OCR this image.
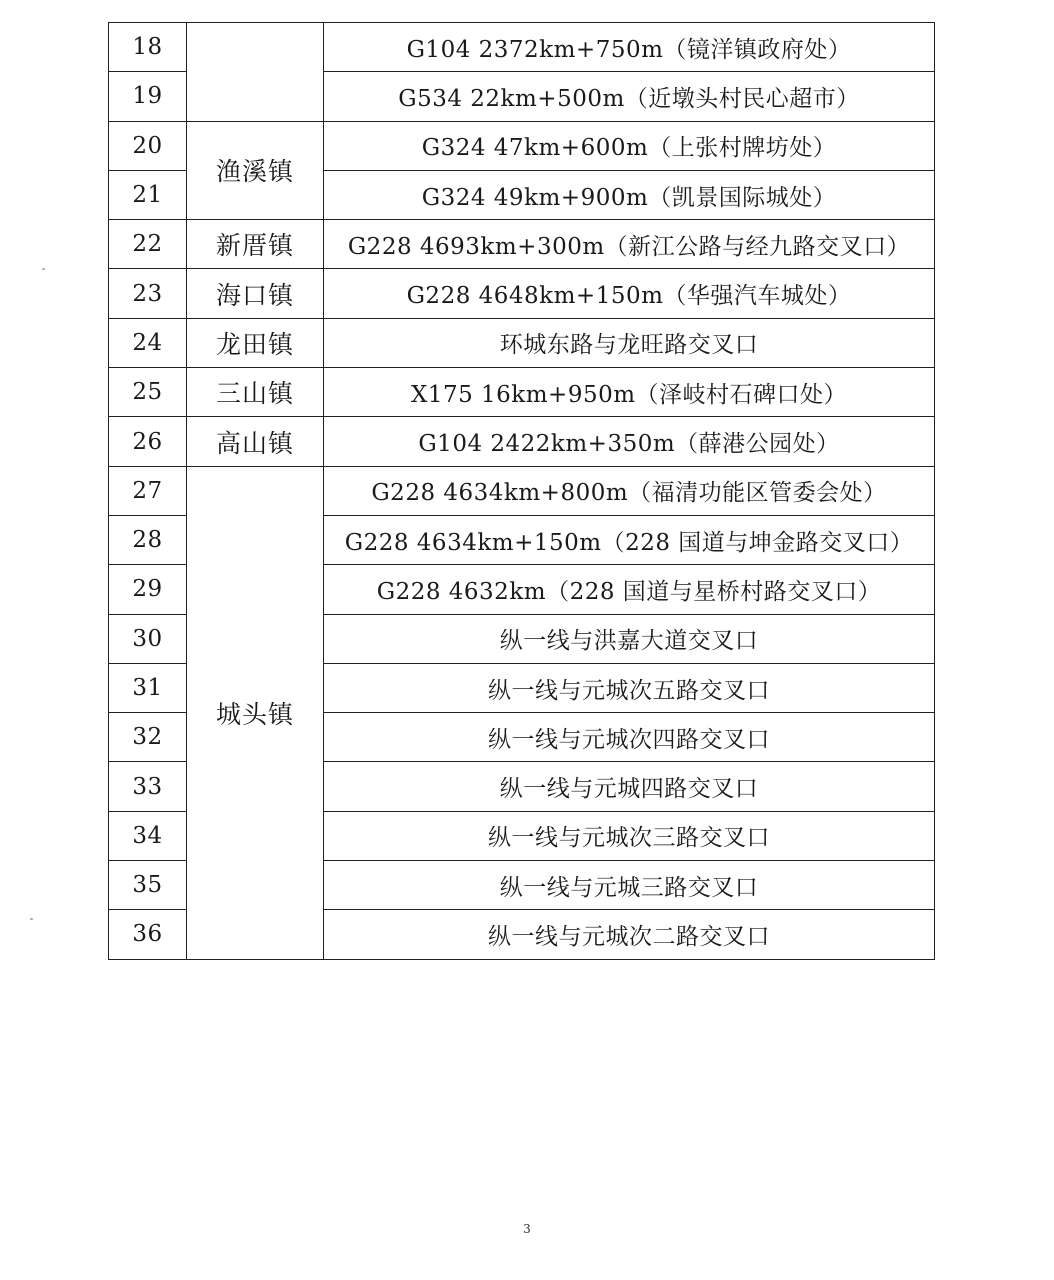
18		G104 2372km+750m（镜洋镇政府处）
19		G534 22km+500m（近墩头村民心超市）
20	渔溪镇	G324 47km+600m（上张村牌坊处）
21		G324 49km+900m（凯景国际城处）
22	新厝镇	G228 4693km+300m（新江公路与经九路交叉口）
23	海口镇	G228 4648km+150m（华强汽车城处）
24	龙田镇	环城东路与龙旺路交叉口
25	三山镇	X175 16km+950m（泽岐村石碑口处）
26	高山镇	G104 2422km+350m（薛港公园处）
27	城头镇	G228 4634km+800m（福清功能区管委会处）
28		G228 4634km+150m（228 国道与坤金路交叉口）
29		G228 4632km（228 国道与星桥村路交叉口）
30		纵一线与洪嘉大道交叉口
31		纵一线与元城次五路交叉口
32		纵一线与元城次四路交叉口
33		纵一线与元城四路交叉口
34		纵一线与元城次三路交叉口
35		纵一线与元城三路交叉口
36		纵一线与元城次二路交叉口
3
